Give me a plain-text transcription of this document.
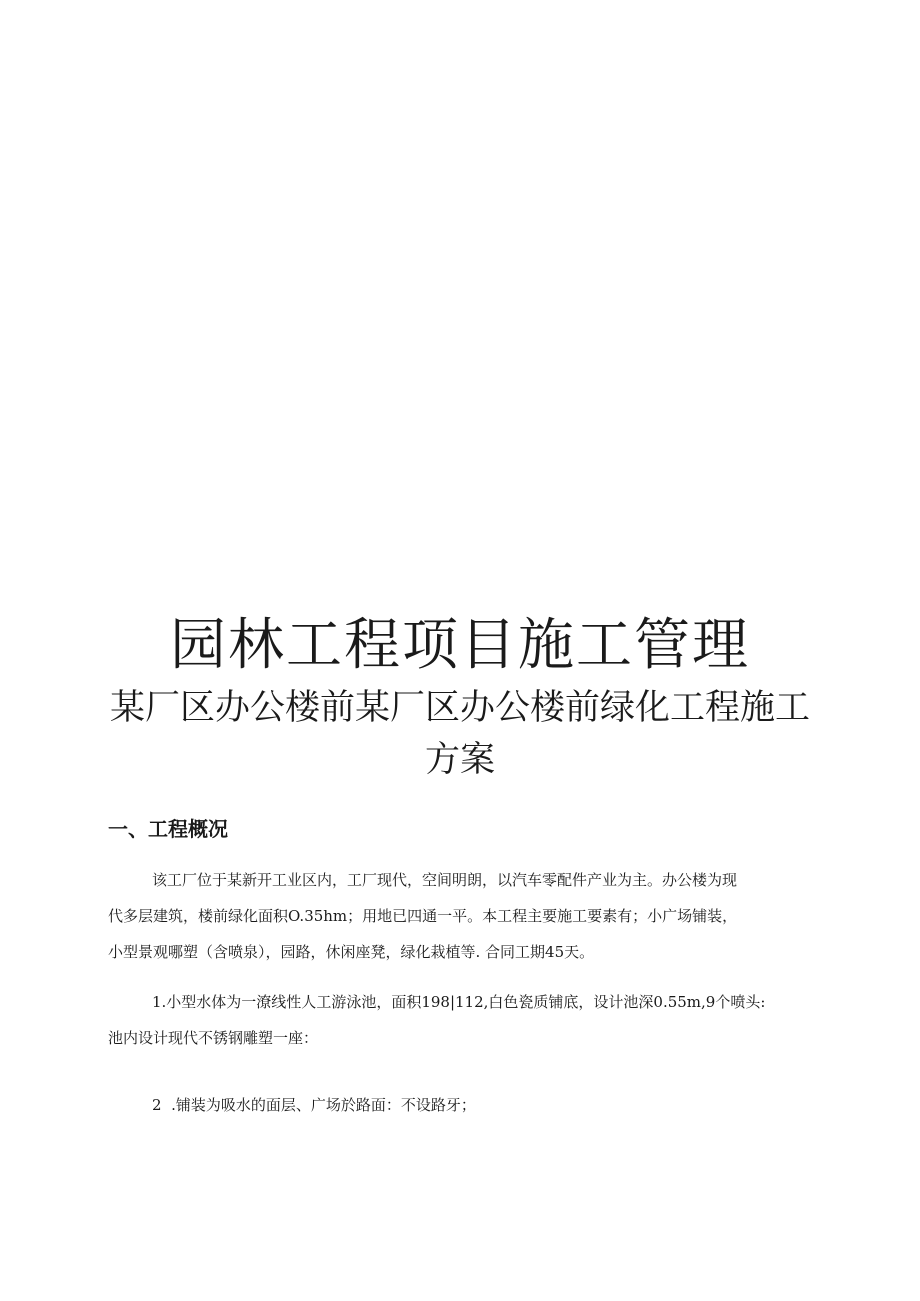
园林工程项目施工管理
某厂区办公楼前某厂区办公楼前绿化工程施工
方案
一、工程概况

该工厂位于某新开工业区内，工厂现代，空间明朗，以汽车零配件产业为主。办公楼为现
代多层建筑，楼前绿化面积O.35hm；用地已四通一平。本工程主要施工要素有；小广场铺装，
小型景观哪塑（含喷泉），园路，休闲座凳，绿化栽植等. 合同工期45天。

1.小型水体为一潦线性人工游泳池，面积198|112,白色瓷质铺底，设计池深0.55m,9个喷头:
池内设计现代不锈钢雕塑一座：

2  .铺装为吸水的面层、广场於路面：不设路牙；
